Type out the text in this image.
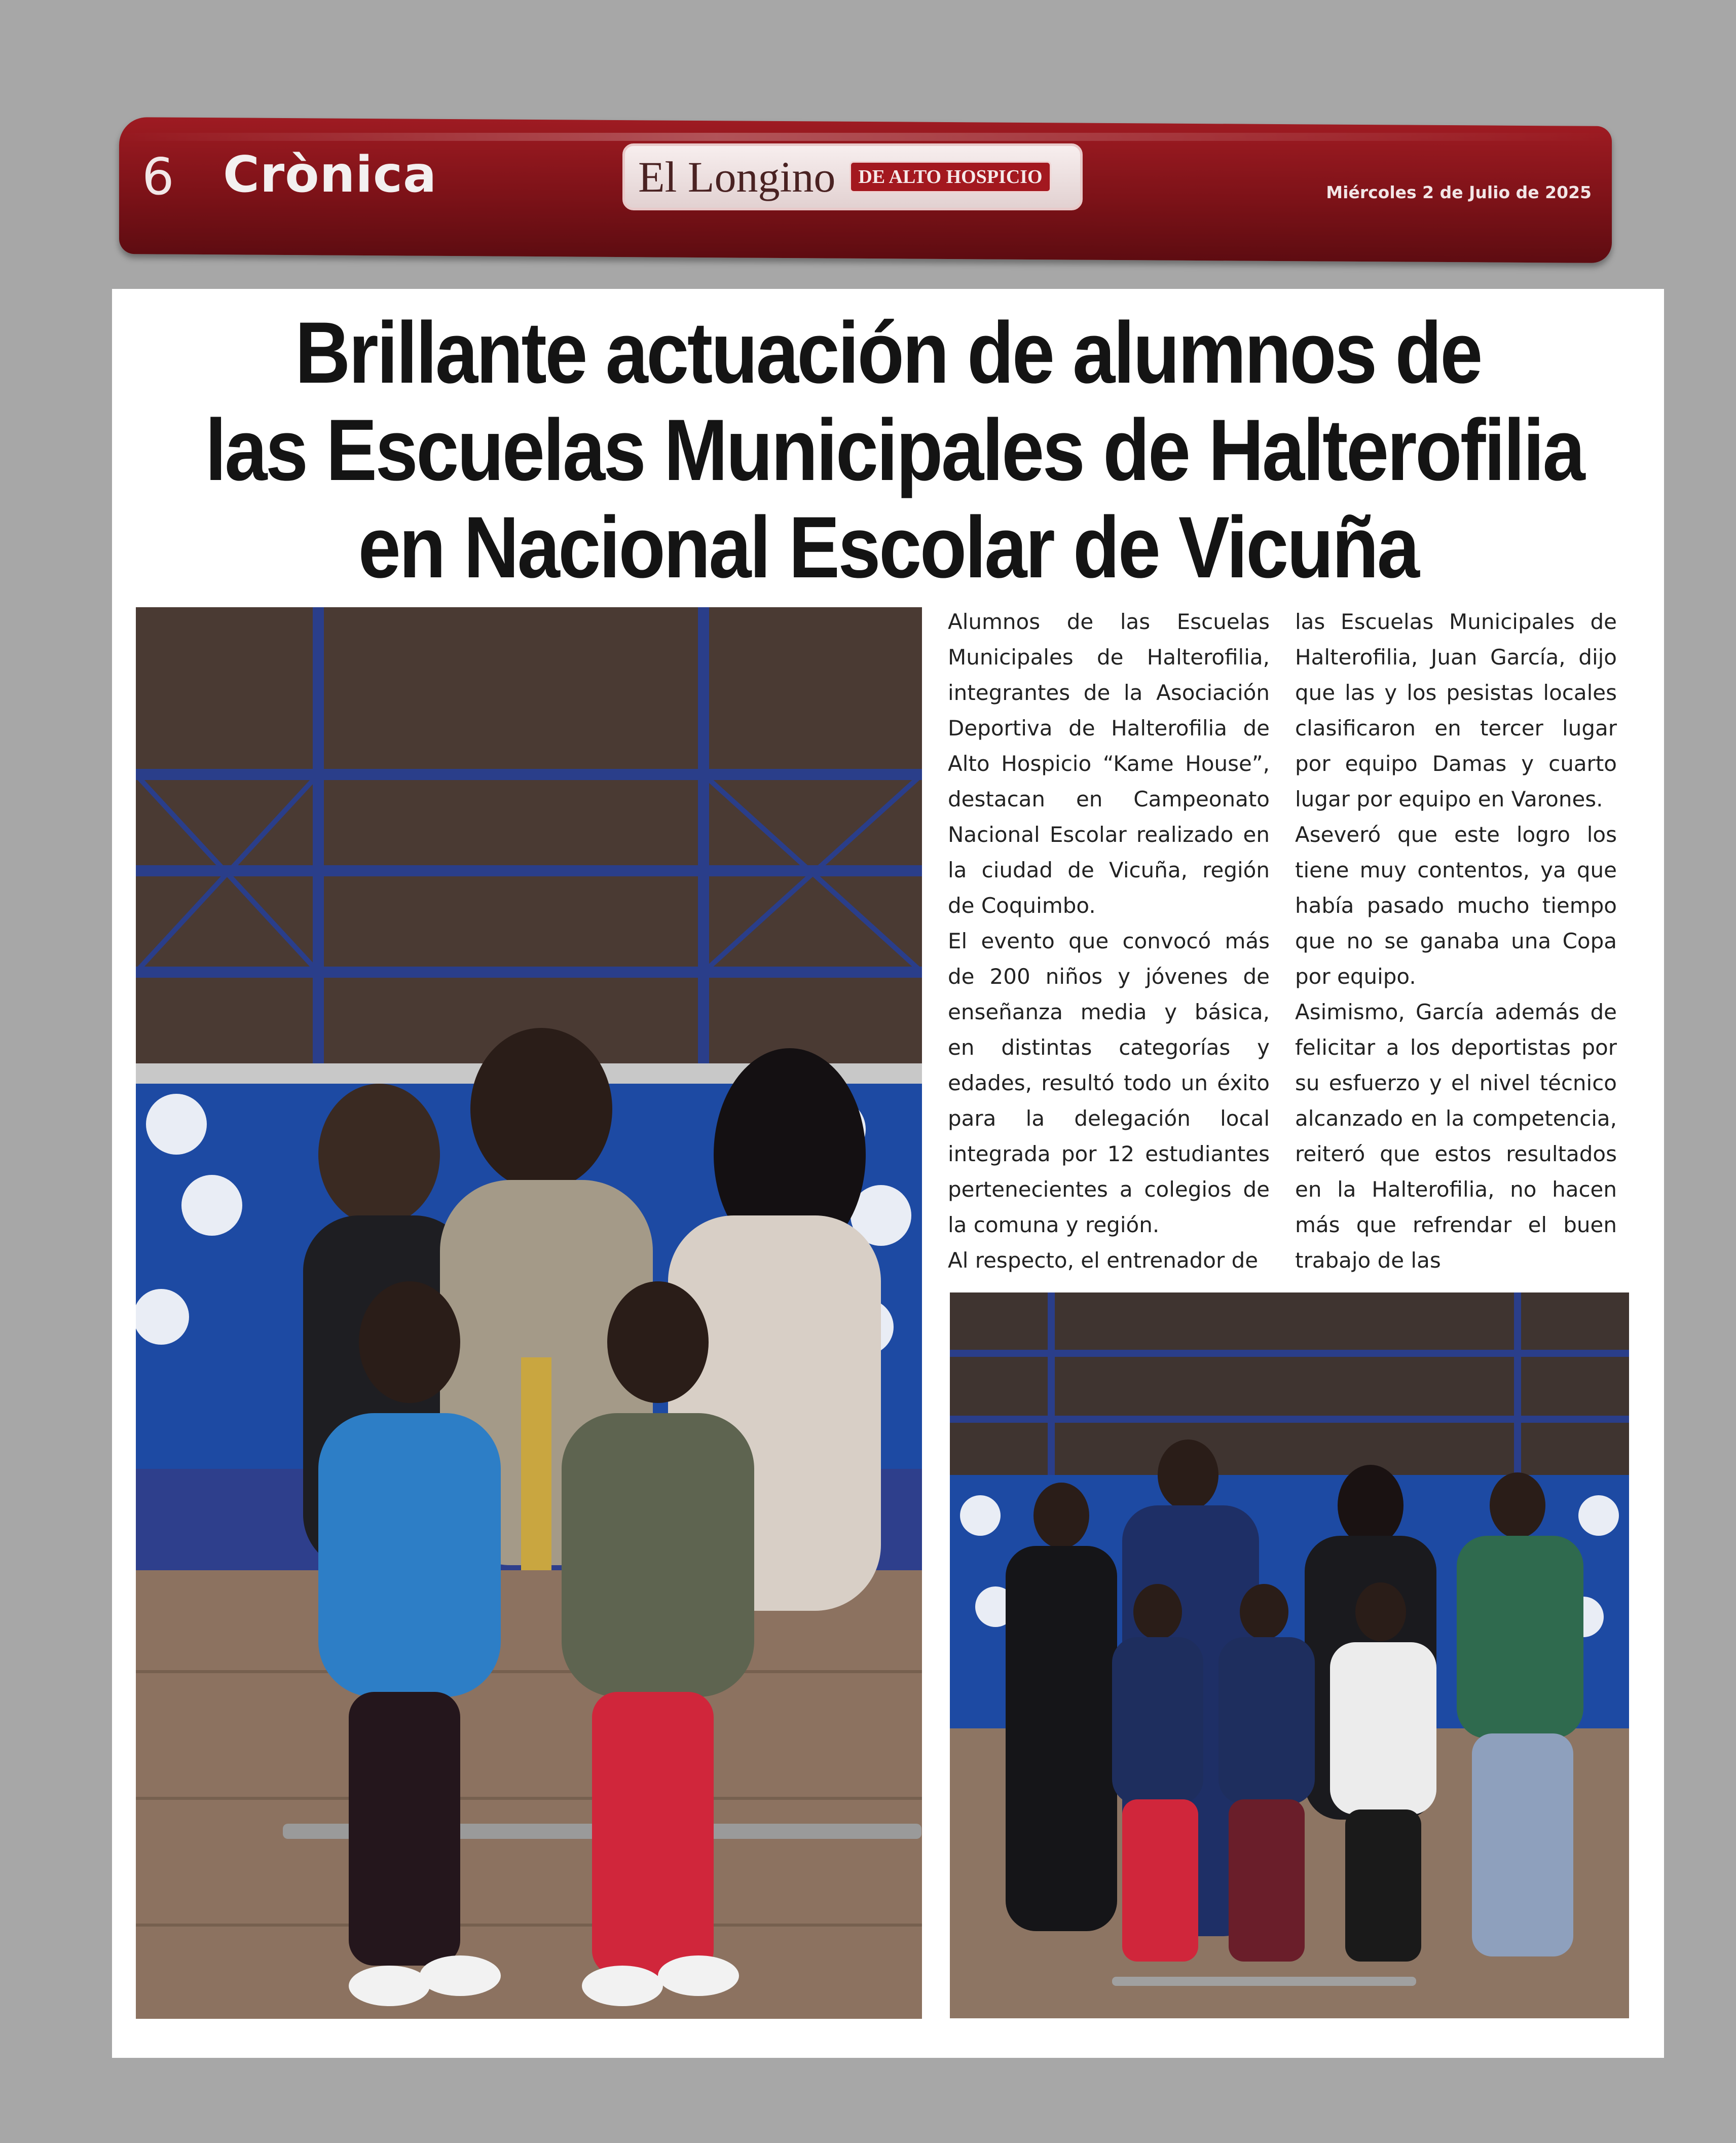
6 Crònica	El Longino	DE ALTO HOSPICIO
Miércoles 2 de Julio de 2025
Brillante actuación de alumnos de
las Escuelas Municipales de Halterofilia
en Nacional Escolar de Vicuña

Alumnos de las Escuelas Municipales de Halterofilia, integrantes de la Asociación Deportiva de Halterofilia de Alto Hospicio “Kame House”, destacan en Campeonato Nacional Escolar realizado en la ciudad de Vicuña, región de Coquimbo.

El evento que convocó más de 200 niños y jóvenes de enseñanza media y básica, en distintas categorías y edades, resultó todo un éxito para la delegación local integrada por 12 estudiantes pertenecientes a colegios de la comuna y región.

Al respecto, el entrenador de

las Escuelas Municipales de Halterofilia, Juan García, dijo que las y los pesistas locales clasificaron en tercer lugar por equipo Damas y cuarto lugar por equipo en Varones.

Aseveró que este logro los tiene muy contentos, ya que había pasado mucho tiempo que no se ganaba una Copa por equipo.

Asimismo, García además de felicitar a los deportistas por su esfuerzo y el nivel técnico alcanzado en la competencia, reiteró que estos resultados en la Halterofilia, no hacen más que refrendar el buen trabajo de las
